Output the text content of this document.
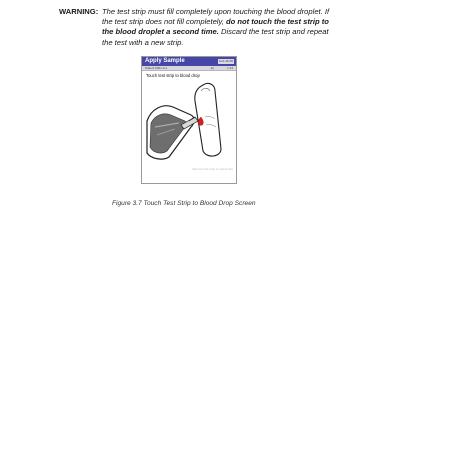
WARNING: The test strip must fill completely upon touching the blood droplet. If
the test strip does not fill completely, do not touch the test strip to
the blood droplet a second time. Discard the test strip and repeat
the test with a new strip.
Apply Sample	Feb 16 08
Patient 0001-0-1	◄)	1:14
Touch test strip to blood drop
Remove the strip to cancel the
Figure 3.7 Touch Test Strip to Blood Drop Screen
